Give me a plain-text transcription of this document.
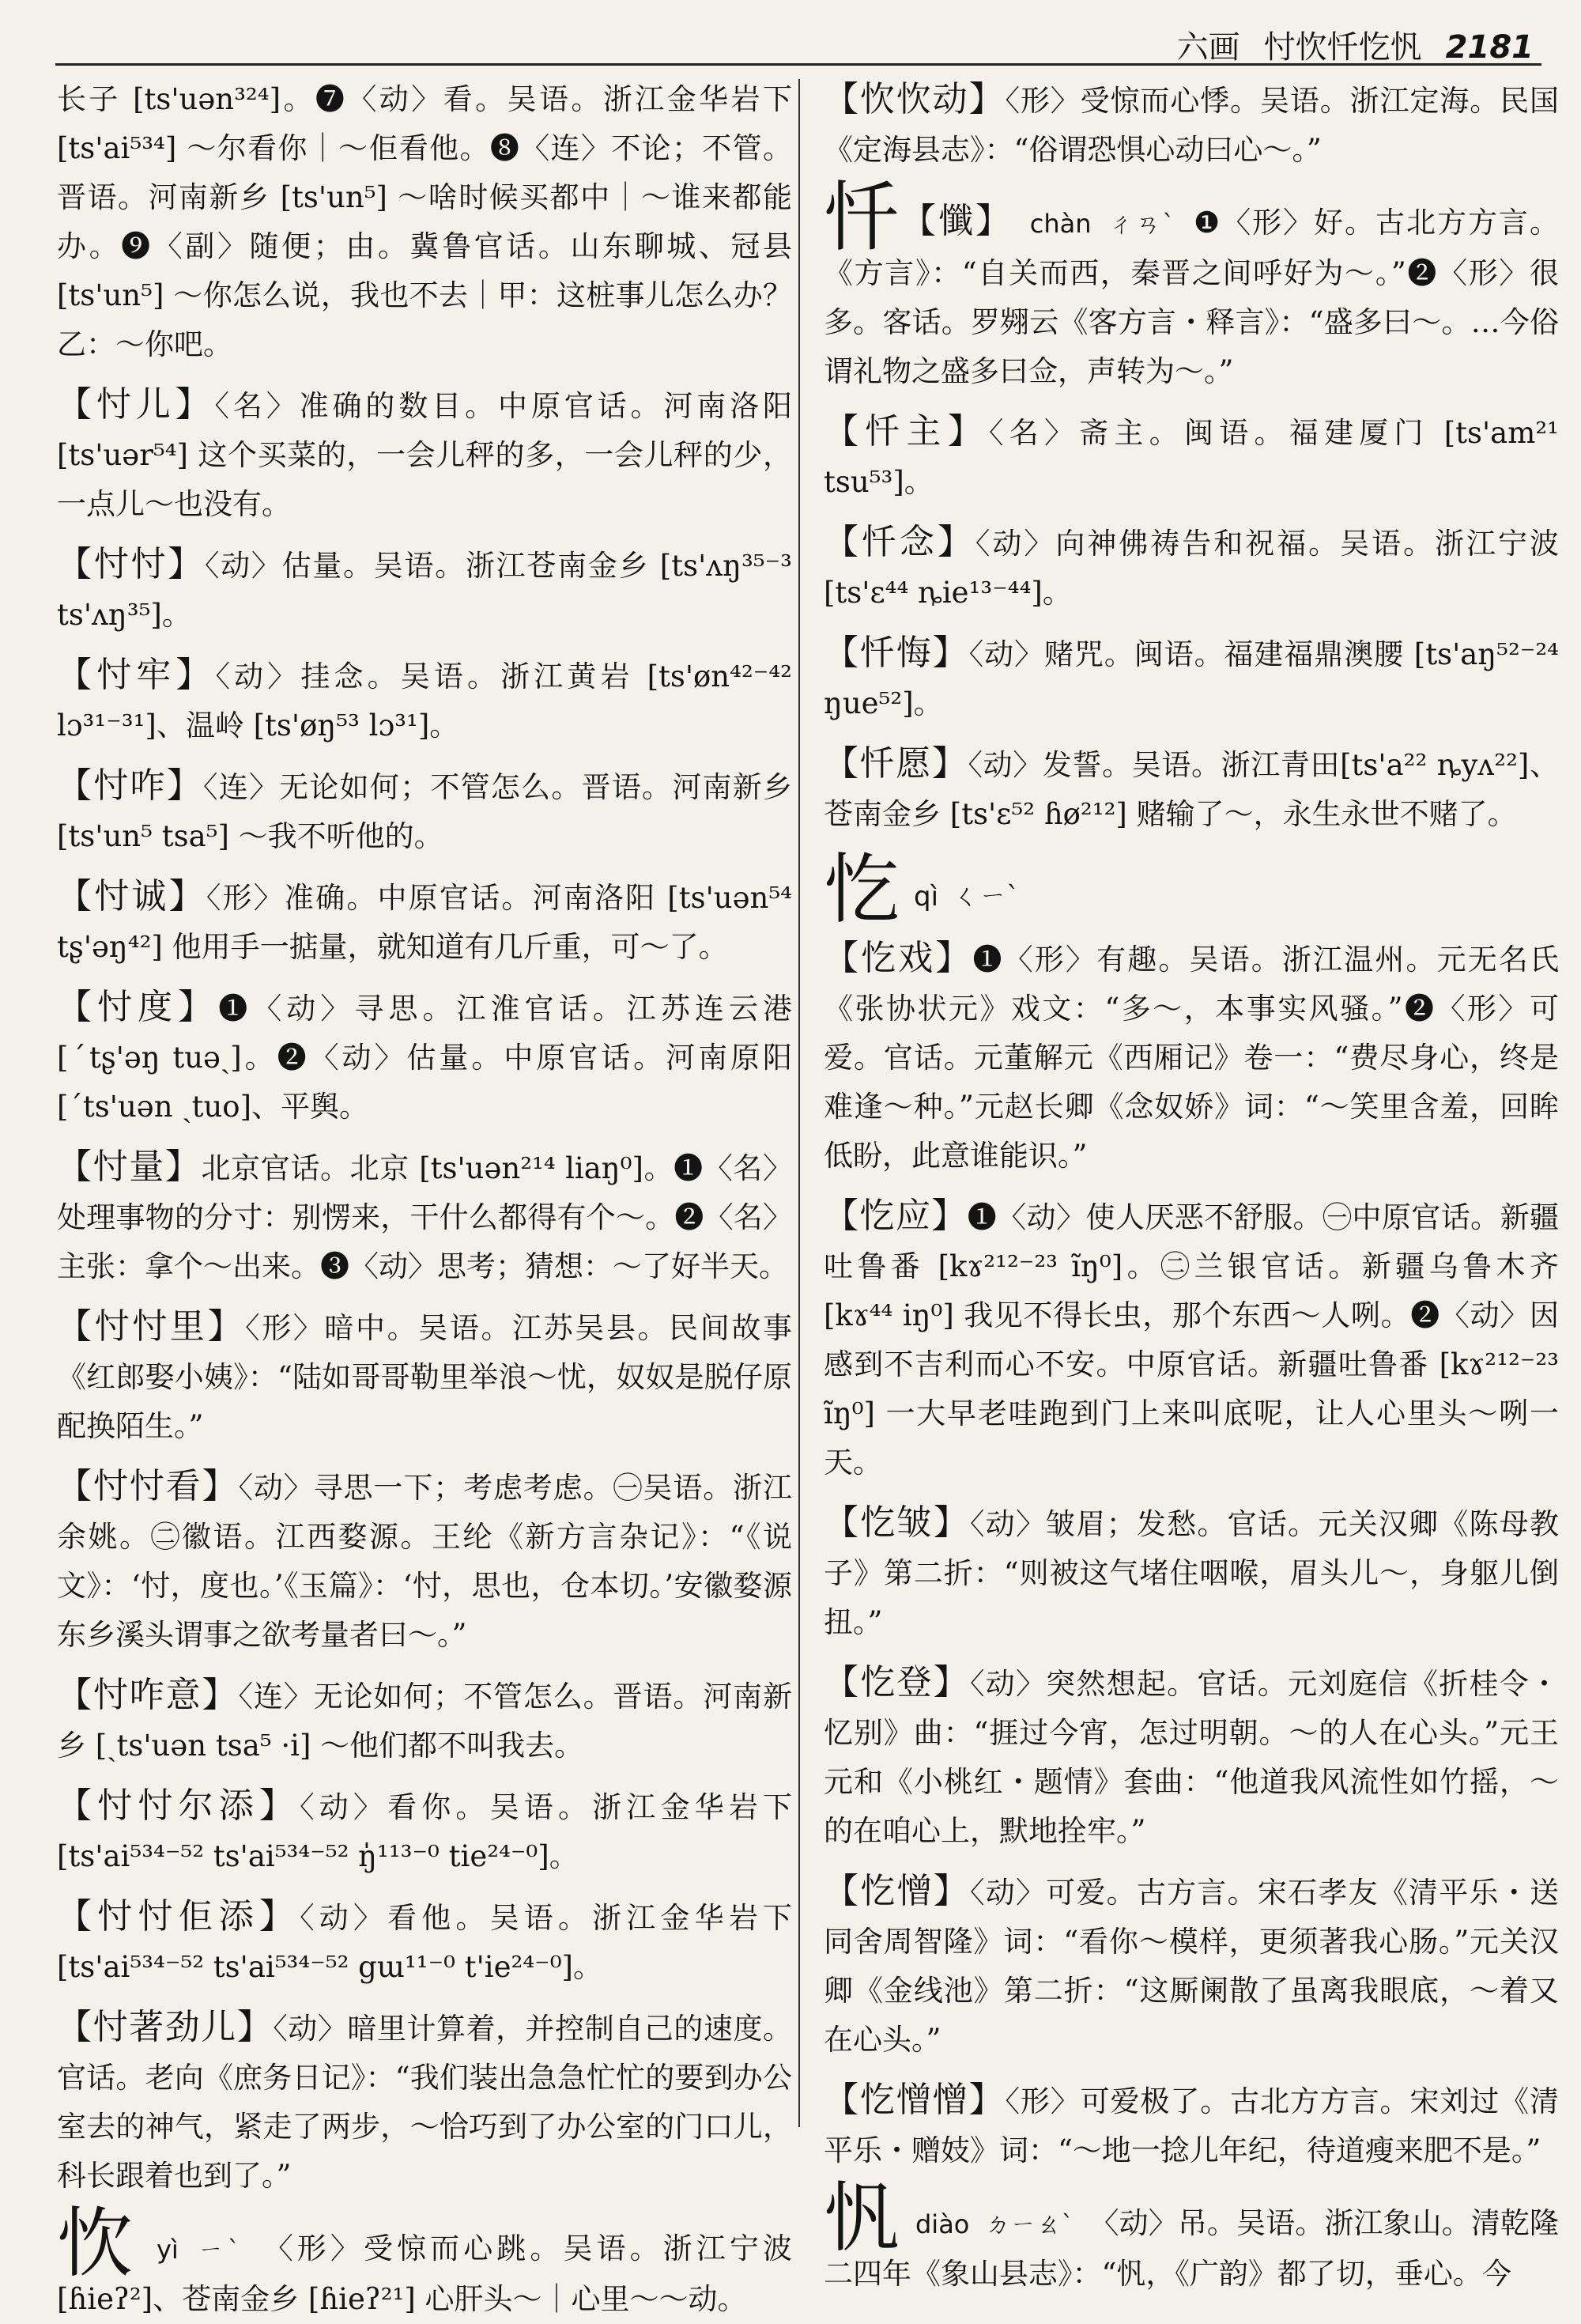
六画 忖忺忏忔忛 2181

长子 [ts'uən³²⁴]。❼〈动〉看。吴语。浙江金华岩下 [ts'ai⁵³⁴] ～尔看你｜～佢看他。❽〈连〉不论；不管。晋语。河南新乡 [ts'un⁵] ～啥时候买都中｜～谁来都能办。❾〈副〉随便；由。冀鲁官话。山东聊城、冠县 [ts'un⁵] ～你怎么说，我也不去｜甲：这桩事儿怎么办？乙：～你吧。

【忖儿】〈名〉准确的数目。中原官话。河南洛阳 [ts'uər⁵⁴] 这个买菜的，一会儿秤的多，一会儿秤的少，一点儿～也没有。
【忖忖】〈动〉估量。吴语。浙江苍南金乡 [ts'ʌŋ³⁵⁻³ ts'ʌŋ³⁵]。
【忖牢】〈动〉挂念。吴语。浙江黄岩 [ts'øn⁴²⁻⁴² lɔ³¹⁻³¹]、温岭 [ts'øŋ⁵³ lɔ³¹]。
【忖咋】〈连〉无论如何；不管怎么。晋语。河南新乡 [ts'un⁵ tsa⁵] ～我不听他的。
【忖诚】〈形〉准确。中原官话。河南洛阳 [ts'uən⁵⁴ tʂ'əŋ⁴²] 他用手一掂量，就知道有几斤重，可～了。
【忖度】❶〈动〉寻思。江淮官话。江苏连云港 [ˊtʂ'əŋ tuəˏ]。❷〈动〉估量。中原官话。河南原阳 [ˊts'uən ˏtuo]、平舆。
【忖量】北京官话。北京 [ts'uən²¹⁴ liaŋ⁰]。❶〈名〉处理事物的分寸：别愣来，干什么都得有个～。❷〈名〉主张：拿个～出来。❸〈动〉思考；猜想：～了好半天。
【忖忖里】〈形〉暗中。吴语。江苏吴县。民间故事《红郎娶小姨》：“陆如哥哥勒里举浪～忧，奴奴是脱仔原配换陌生。”
【忖忖看】〈动〉寻思一下；考虑考虑。㊀吴语。浙江余姚。㊁徽语。江西婺源。王纶《新方言杂记》：“《说文》：‘忖，度也。’《玉篇》：‘忖，思也，仓本切。’安徽婺源东乡溪头谓事之欲考量者曰～。”
【忖咋意】〈连〉无论如何；不管怎么。晋语。河南新乡 [ˏts'uən tsa⁵ ·i] ～他们都不叫我去。
【忖忖尔添】〈动〉看你。吴语。浙江金华岩下 [ts'ai⁵³⁴⁻⁵² ts'ai⁵³⁴⁻⁵² ŋ̍¹¹³⁻⁰ tie²⁴⁻⁰]。
【忖忖佢添】〈动〉看他。吴语。浙江金华岩下 [ts'ai⁵³⁴⁻⁵² ts'ai⁵³⁴⁻⁵² gɯ¹¹⁻⁰ t'ie²⁴⁻⁰]。
【忖著劲儿】〈动〉暗里计算着，并控制自己的速度。官话。老向《庶务日记》：“我们装出急急忙忙的要到办公室去的神气，紧走了两步，～恰巧到了办公室的门口儿，科长跟着也到了。”
忺 yì ㄧˋ 〈形〉受惊而心跳。吴语。浙江宁波[ɦieʔ²]、苍南金乡 [ɦieʔ²¹] 心肝头～｜心里～～动。
【忺忺动】〈形〉受惊而心悸。吴语。浙江定海。民国《定海县志》：“俗谓恐惧心动曰心～。”
忏【懺】 chàn ㄔㄢˋ ❶〈形〉好。古北方方言。《方言》：“自关而西，秦晋之间呼好为～。”❷〈形〉很多。客话。罗翙云《客方言・释言》：“盛多曰～。…今俗谓礼物之盛多曰佥，声转为～。”
【忏主】〈名〉斋主。闽语。福建厦门 [ts'am²¹ tsu⁵³]。
【忏念】〈动〉向神佛祷告和祝福。吴语。浙江宁波 [ts'ɛ⁴⁴ ȵie¹³⁻⁴⁴]。
【忏悔】〈动〉赌咒。闽语。福建福鼎澳腰 [ts'aŋ⁵²⁻²⁴ ŋue⁵²]。
【忏愿】〈动〉发誓。吴语。浙江青田[ts'a²² ȵyʌ²²]、苍南金乡 [ts'ɛ⁵² ɦø²¹²] 赌输了～，永生永世不赌了。
忔 qì ㄑㄧˋ
【忔戏】❶〈形〉有趣。吴语。浙江温州。元无名氏《张协状元》戏文：“多～，本事实风骚。”❷〈形〉可爱。官话。元董解元《西厢记》卷一：“费尽身心，终是难逢～种。”元赵长卿《念奴娇》词：“～笑里含羞，回眸低盼，此意谁能识。”
【忔应】❶〈动〉使人厌恶不舒服。㊀中原官话。新疆吐鲁番 [kɤ²¹²⁻²³ ĩŋ⁰]。㊁兰银官话。新疆乌鲁木齐 [kɤ⁴⁴ iŋ⁰] 我见不得长虫，那个东西～人咧。❷〈动〉因感到不吉利而心不安。中原官话。新疆吐鲁番 [kɤ²¹²⁻²³ ĩŋ⁰] 一大早老哇跑到门上来叫底呢，让人心里头～咧一天。
【忔皱】〈动〉皱眉；发愁。官话。元关汉卿《陈母教子》第二折：“则被这气堵住咽喉，眉头儿～，身躯儿倒扭。”
【忔登】〈动〉突然想起。官话。元刘庭信《折桂令・忆别》曲：“捱过今宵，怎过明朝。～的人在心头。”元王元和《小桃红・题情》套曲：“他道我风流性如竹摇，～的在咱心上，默地拴牢。”
【忔憎】〈动〉可爱。古方言。宋石孝友《清平乐・送同舍周智隆》词：“看你～模样，更须著我心肠。”元关汉卿《金线池》第二折：“这厮阑散了虽离我眼底，～着又在心头。”
【忔憎憎】〈形〉可爱极了。古北方方言。宋刘过《清平乐・赠妓》词：“～地一捻儿年纪，待道瘦来肥不是。”
忛 diào ㄉㄧㄠˋ 〈动〉吊。吴语。浙江象山。清乾隆二四年《象山县志》：“忛，《广韵》都了切，垂心。今
